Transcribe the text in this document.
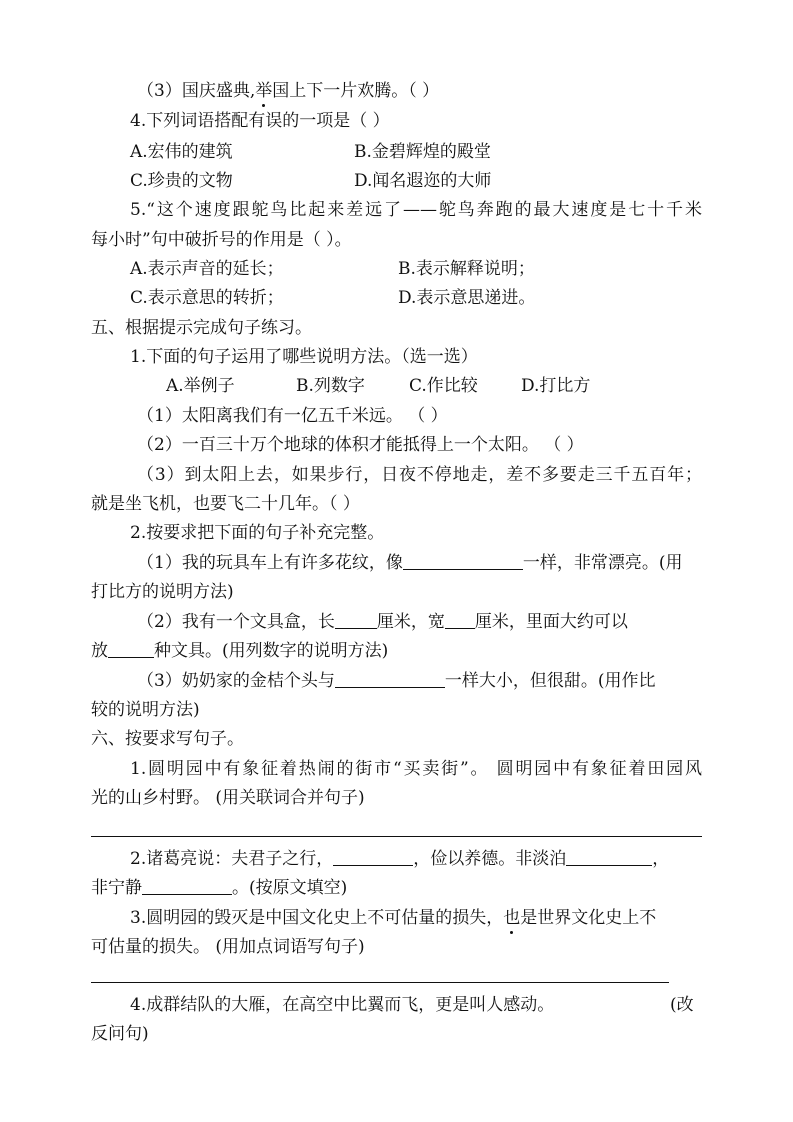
（3）国庆盛典,举国上下一片欢腾。（ ）
4.下列词语搭配有误的一项是（ ）
A.宏伟的建筑	B.金碧辉煌的殿堂
C.珍贵的文物	D.闻名遐迩的大师
5.“这个速度跟鸵鸟比起来差远了——鸵鸟奔跑的最大速度是七十千米
每小时”句中破折号的作用是（ ）。
A.表示声音的延长；	B.表示解释说明；
C.表示意思的转折；	D.表示意思递进。
五、根据提示完成句子练习。
1.下面的句子运用了哪些说明方法。（选一选）
A.举例子	B.列数字	C.作比较	D.打比方
（1）太阳离我们有一亿五千米远。 （ ）
（2）一百三十万个地球的体积才能抵得上一个太阳。 （ ）
（3）到太阳上去，如果步行，日夜不停地走，差不多要走三千五百年；
就是坐飞机，也要飞二十几年。（ ）
2.按要求把下面的句子补充完整。
（1）我的玩具车上有许多花纹，像	一样，非常漂亮。(用
打比方的说明方法)
（2）我有一个文具盒，长 厘米，宽 厘米，里面大约可以
放	种文具。(用列数字的说明方法)
（3）奶奶家的金桔个头与	一样大小，但很甜。(用作比
较的说明方法)
六、按要求写句子。
1.圆明园中有象征着热闹的街市“买卖街”。 圆明园中有象征着田园风
光的山乡村野。 (用关联词合并句子)
2.诸葛亮说：夫君子之行，	，俭以养德。非淡泊	，
非宁静	。(按原文填空)
3.圆明园的毁灭是中国文化史上不可估量的损失，也是世界文化史上不
可估量的损失。 (用加点词语写句子)
4.成群结队的大雁，在高空中比翼而飞，更是叫人感动。	(改
反问句)
